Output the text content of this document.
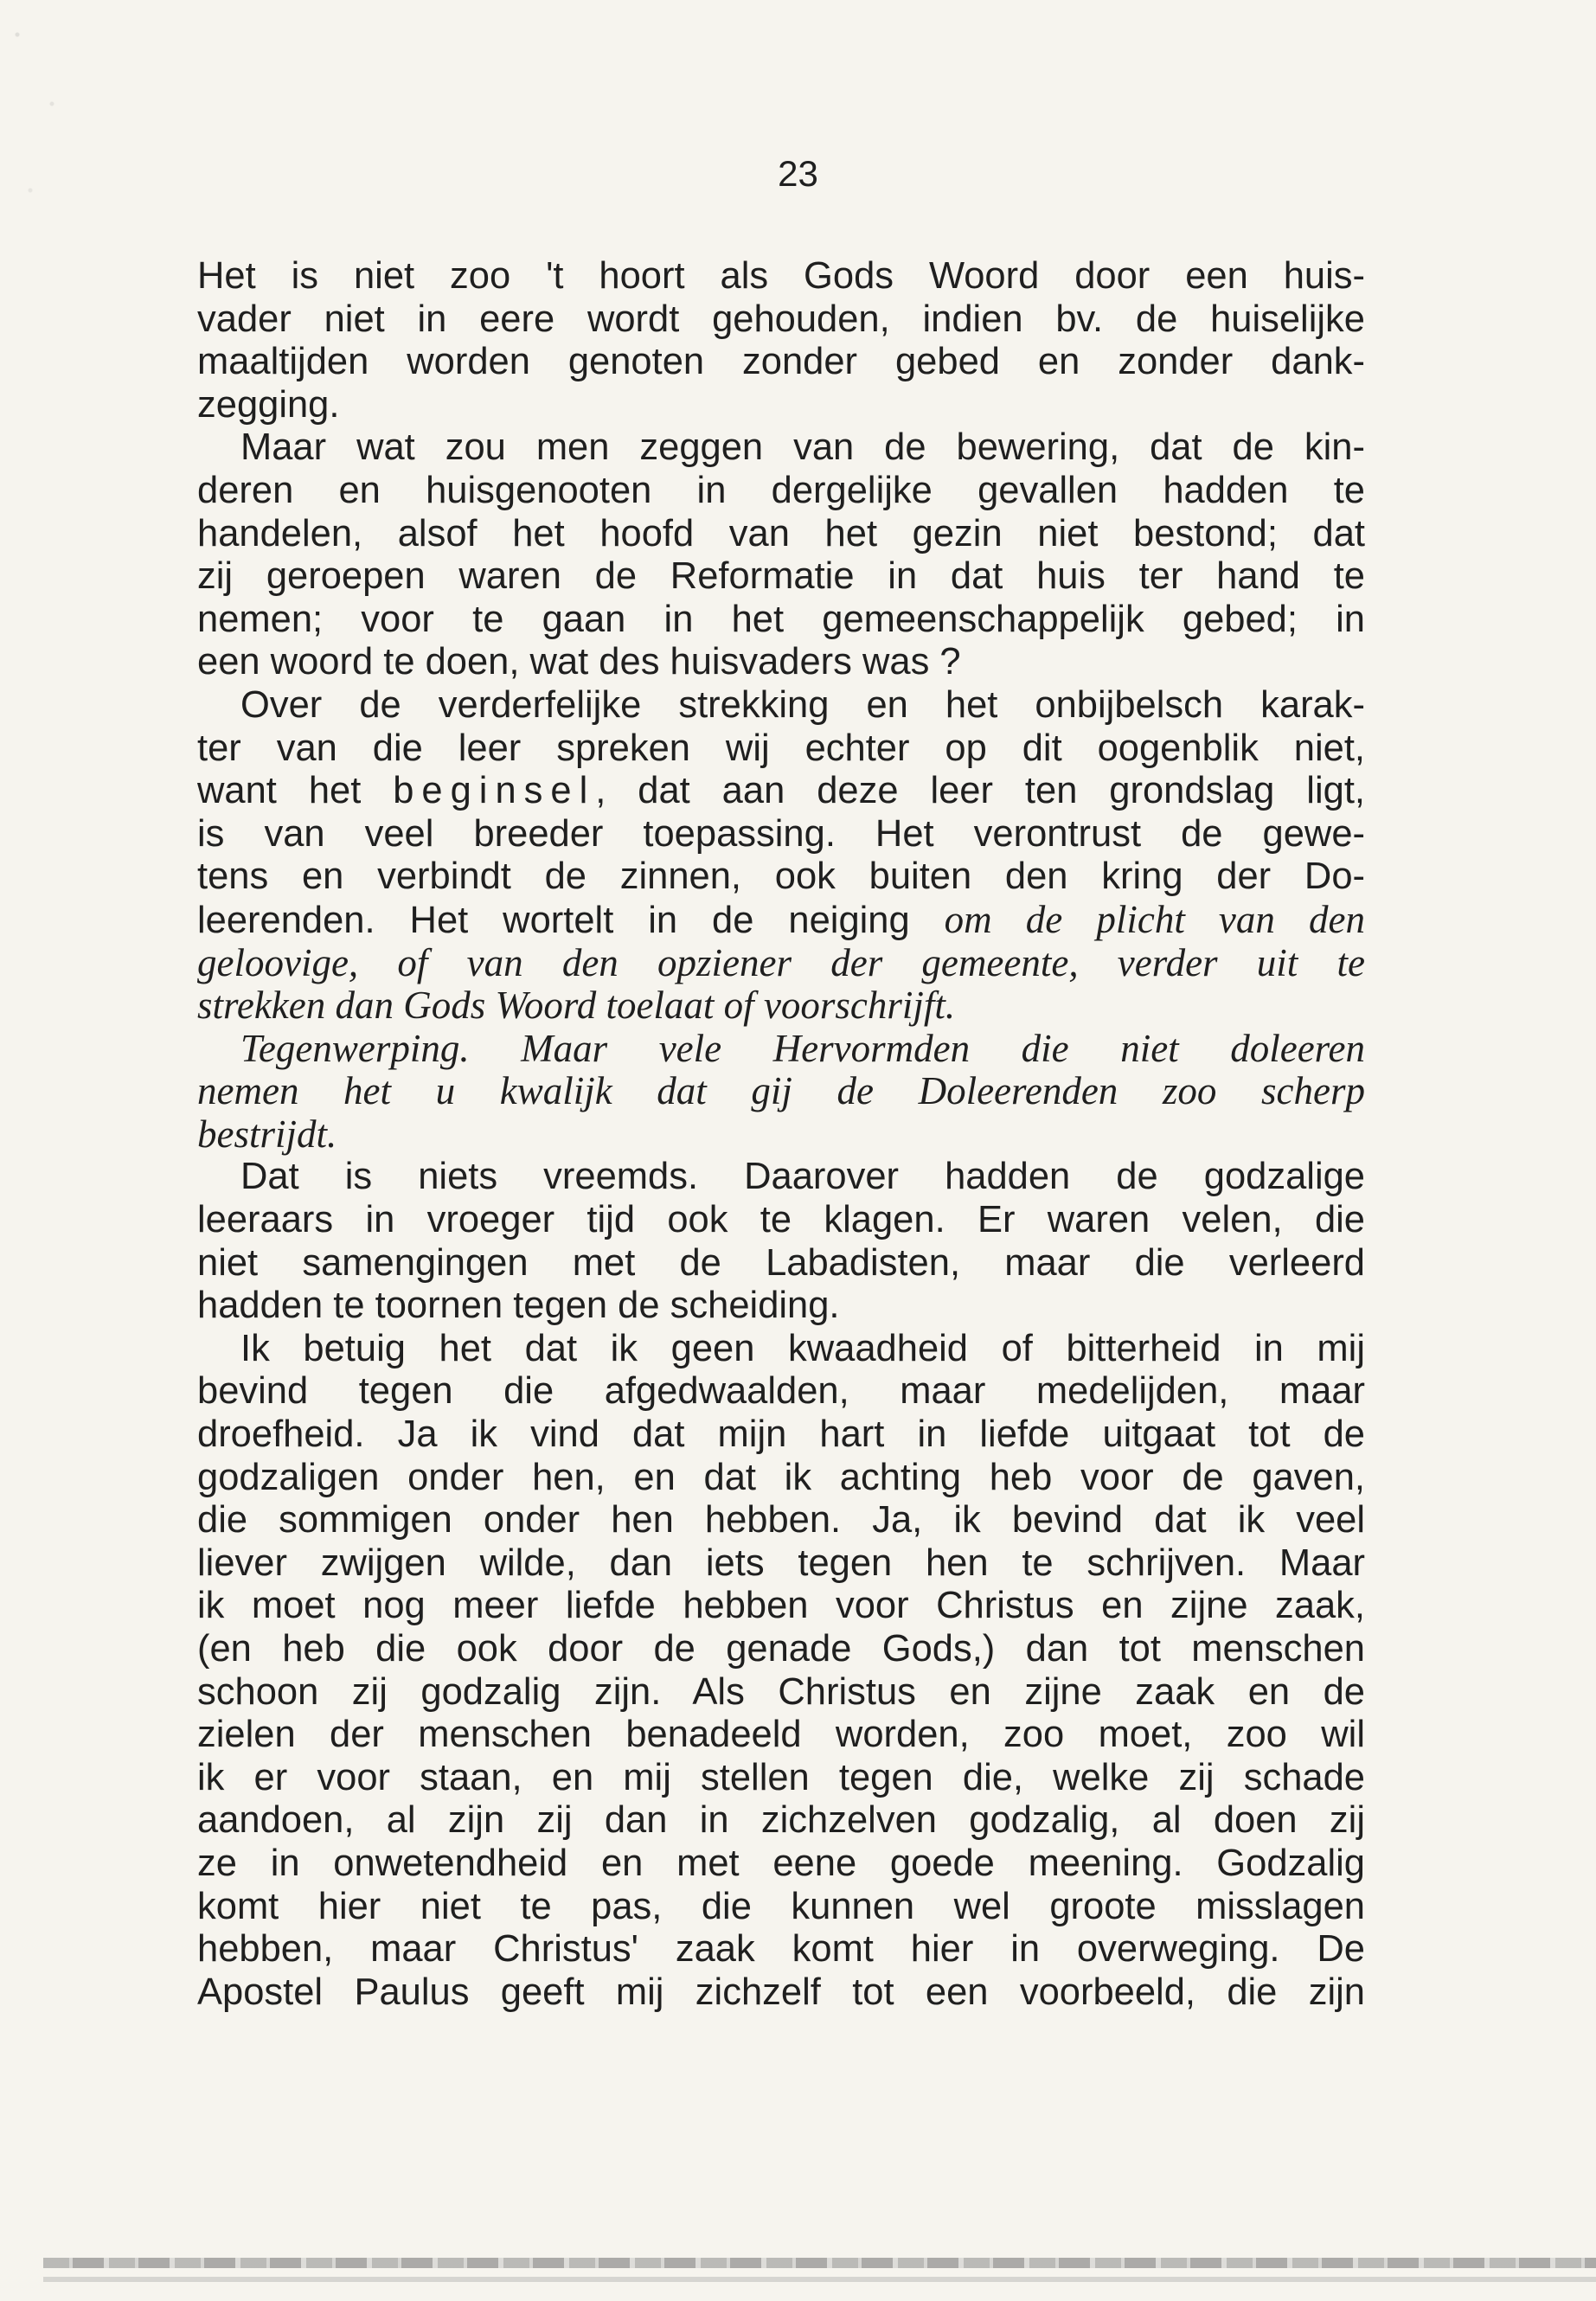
23
Het is niet zoo 't hoort als Gods Woord door een huis-
vader niet in eere wordt gehouden, indien bv. de huiselijke
maaltijden worden genoten zonder gebed en zonder dank-
zegging.
Maar wat zou men zeggen van de bewering, dat de kin-
deren en huisgenooten in dergelijke gevallen hadden te
handelen, alsof het hoofd van het gezin niet bestond; dat
zij geroepen waren de Reformatie in dat huis ter hand te
nemen; voor te gaan in het gemeenschappelijk gebed; in
een woord te doen, wat des huisvaders was ?
Over de verderfelijke strekking en het onbijbelsch karak-
ter van die leer spreken wij echter op dit oogenblik niet,
want het beginsel, dat aan deze leer ten grondslag ligt,
is van veel breeder toepassing. Het verontrust de gewe-
tens en verbindt de zinnen, ook buiten den kring der Do-
leerenden. Het wortelt in de neiging om de plicht van den
geloovige, of van den opziener der gemeente, verder uit te
strekken dan Gods Woord toelaat of voorschrijft.
Tegenwerping. Maar vele Hervormden die niet doleeren
nemen het u kwalijk dat gij de Doleerenden zoo scherp
bestrijdt.
Dat is niets vreemds. Daarover hadden de godzalige
leeraars in vroeger tijd ook te klagen. Er waren velen, die
niet samengingen met de Labadisten, maar die verleerd
hadden te toornen tegen de scheiding.
Ik betuig het dat ik geen kwaadheid of bitterheid in mij
bevind tegen die afgedwaalden, maar medelijden, maar
droefheid. Ja ik vind dat mijn hart in liefde uitgaat tot de
godzaligen onder hen, en dat ik achting heb voor de gaven,
die sommigen onder hen hebben. Ja, ik bevind dat ik veel
liever zwijgen wilde, dan iets tegen hen te schrijven. Maar
ik moet nog meer liefde hebben voor Christus en zijne zaak,
(en heb die ook door de genade Gods,) dan tot menschen
schoon zij godzalig zijn. Als Christus en zijne zaak en de
zielen der menschen benadeeld worden, zoo moet, zoo wil
ik er voor staan, en mij stellen tegen die, welke zij schade
aandoen, al zijn zij dan in zichzelven godzalig, al doen zij
ze in onwetendheid en met eene goede meening. Godzalig
komt hier niet te pas, die kunnen wel groote misslagen
hebben, maar Christus' zaak komt hier in overweging. De
Apostel Paulus geeft mij zichzelf tot een voorbeeld, die zijn
